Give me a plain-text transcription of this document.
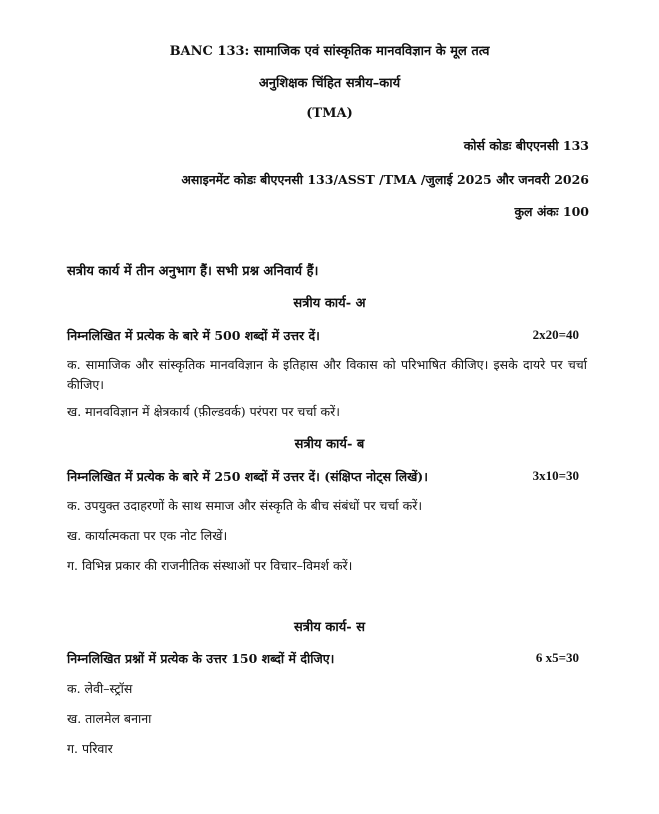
BANC 133: सामाजिक एवं सांस्कृतिक मानवविज्ञान के मूल तत्व
अनुशिक्षक चिंहित सत्रीय–कार्य
(TMA)
कोर्स कोडः बीएएनसी 133
असाइनमेंट कोडः बीएएनसी 133/ASST /TMA /जुलाई 2025 और जनवरी 2026
कुल अंकः 100
सत्रीय कार्य में तीन अनुभाग हैं। सभी प्रश्न अनिवार्य हैं।
सत्रीय कार्य- अ
निम्नलिखित में प्रत्येक के बारे में 500 शब्दों में उत्तर दें।	2x20=40
क. सामाजिक और सांस्कृतिक मानवविज्ञान के इतिहास और विकास को परिभाषित कीजिए। इसके दायरे पर चर्चा कीजिए।
ख. मानवविज्ञान में क्षेत्रकार्य (फ़ील्डवर्क) परंपरा पर चर्चा करें।
सत्रीय कार्य- ब
निम्नलिखित में प्रत्येक के बारे में 250 शब्दों में उत्तर दें। (संक्षिप्त नोट्स लिखें)।	3x10=30
क. उपयुक्त उदाहरणों के साथ समाज और संस्कृति के बीच संबंधों पर चर्चा करें।
ख. कार्यात्मकता पर एक नोट लिखें।
ग. विभिन्न प्रकार की राजनीतिक संस्थाओं पर विचार–विमर्श करें।
सत्रीय कार्य- स
निम्नलिखित प्रश्नों में प्रत्येक के उत्तर 150 शब्दों में दीजिए।	6 x5=30
क. लेवी–स्ट्रॉस
ख. तालमेल बनाना
ग. परिवार
